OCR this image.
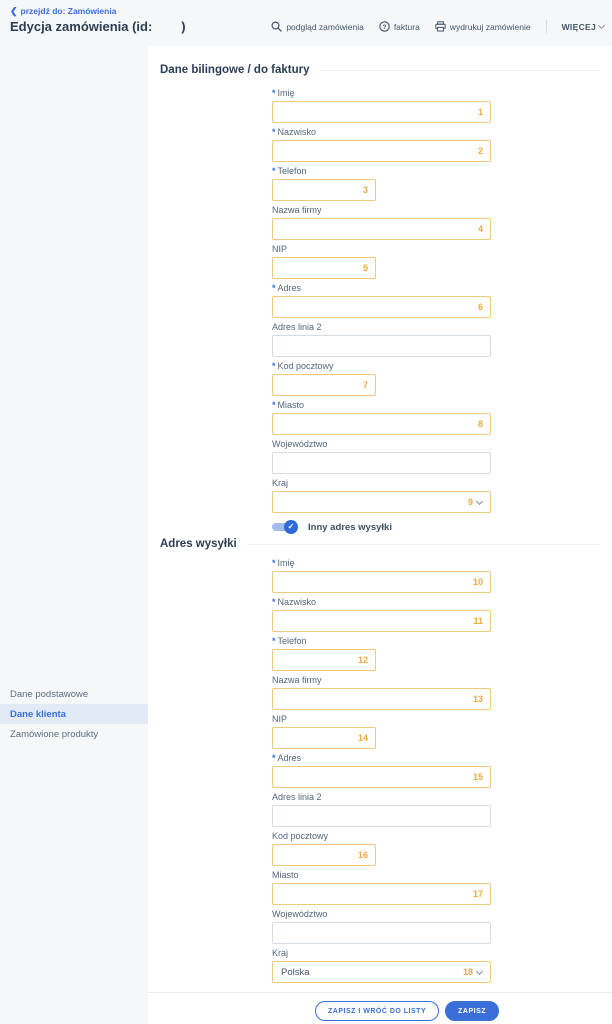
❮ przejdź do: Zamówienia
Edycja zamówienia (id:        )	podgląd zamówienia	? faktura	wydrukuj zamówienie	WIĘCEJ
Dane podstawowe
Dane klienta
Zamówione produkty
Dane bilingowe / do faktury
* Imię
1
* Nazwisko
2
* Telefon
3
Nazwa firmy
4
NIP
5
* Adres
6
Adres linia 2
* Kod pocztowy
7
* Miasto
8
Województwo
Kraj
9
✓	Inny adres wysyłki
Adres wysyłki
* Imię
10
* Nazwisko
11
* Telefon
12
Nazwa firmy
13
NIP
14
* Adres
15
Adres linia 2
Kod pocztowy
16
Miasto
17
Województwo
Kraj
Polska	18
ZAPISZ I WRÓĆ DO LISTY	ZAPISZ
